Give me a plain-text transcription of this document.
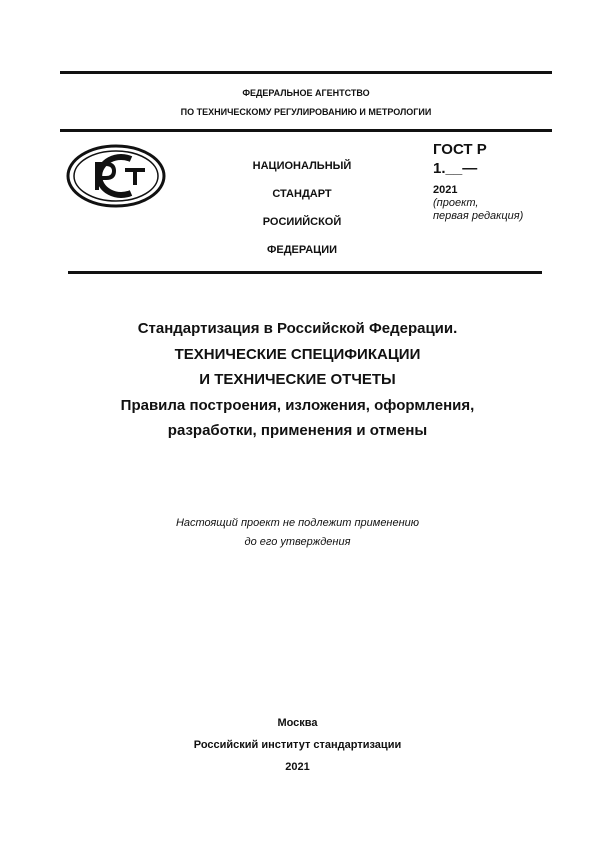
ФЕДЕРАЛЬНОЕ АГЕНТСТВО
ПО ТЕХНИЧЕСКОМУ РЕГУЛИРОВАНИЮ И МЕТРОЛОГИИ
НАЦИОНАЛЬНЫЙ
СТАНДАРТ
РОСИИЙСКОЙ
ФЕДЕРАЦИИ
ГОСТ Р
1.__—
2021
(проект,
первая редакция)
Стандартизация в Российской Федерации.
ТЕХНИЧЕСКИЕ СПЕЦИФИКАЦИИ
И ТЕХНИЧЕСКИЕ ОТЧЕТЫ
Правила построения, изложения, оформления,
разработки, применения и отмены
Настоящий проект не подлежит применению
до его утверждения
Москва
Российский институт стандартизации
2021
